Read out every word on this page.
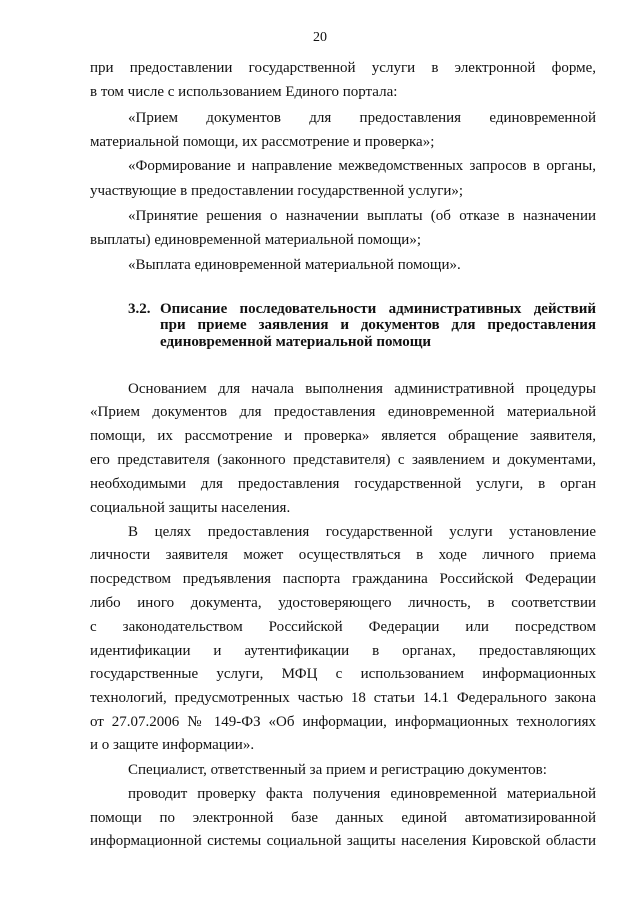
20
при предоставлении государственной услуги в электронной форме,
в том числе с использованием Единого портала:
«Прием документов для предоставления единовременной
материальной помощи, их рассмотрение и проверка»;
«Формирование и направление межведомственных запросов в органы,
участвующие в предоставлении государственной услуги»;
«Принятие решения о назначении выплаты (об отказе в назначении
выплаты) единовременной материальной помощи»;
«Выплата единовременной материальной помощи».
3.2. Описание последовательности административных действий
при приеме заявления и документов для предоставления
единовременной материальной помощи
Основанием для начала выполнения административной процедуры
«Прием документов для предоставления единовременной материальной
помощи, их рассмотрение и проверка» является обращение заявителя,
его представителя (законного представителя) с заявлением и документами,
необходимыми для предоставления государственной услуги, в орган
социальной защиты населения.
В целях предоставления государственной услуги установление
личности заявителя может осуществляться в ходе личного приема
посредством предъявления паспорта гражданина Российской Федерации
либо иного документа, удостоверяющего личность, в соответствии
с законодательством Российской Федерации или посредством
идентификации и аутентификации в органах, предоставляющих
государственные услуги, МФЦ с использованием информационных
технологий, предусмотренных частью 18 статьи 14.1 Федерального закона
от 27.07.2006 № 149-ФЗ «Об информации, информационных технологиях
и о защите информации».
Специалист, ответственный за прием и регистрацию документов:
проводит проверку факта получения единовременной материальной
помощи по электронной базе данных единой автоматизированной
информационной системы социальной защиты населения Кировской области
